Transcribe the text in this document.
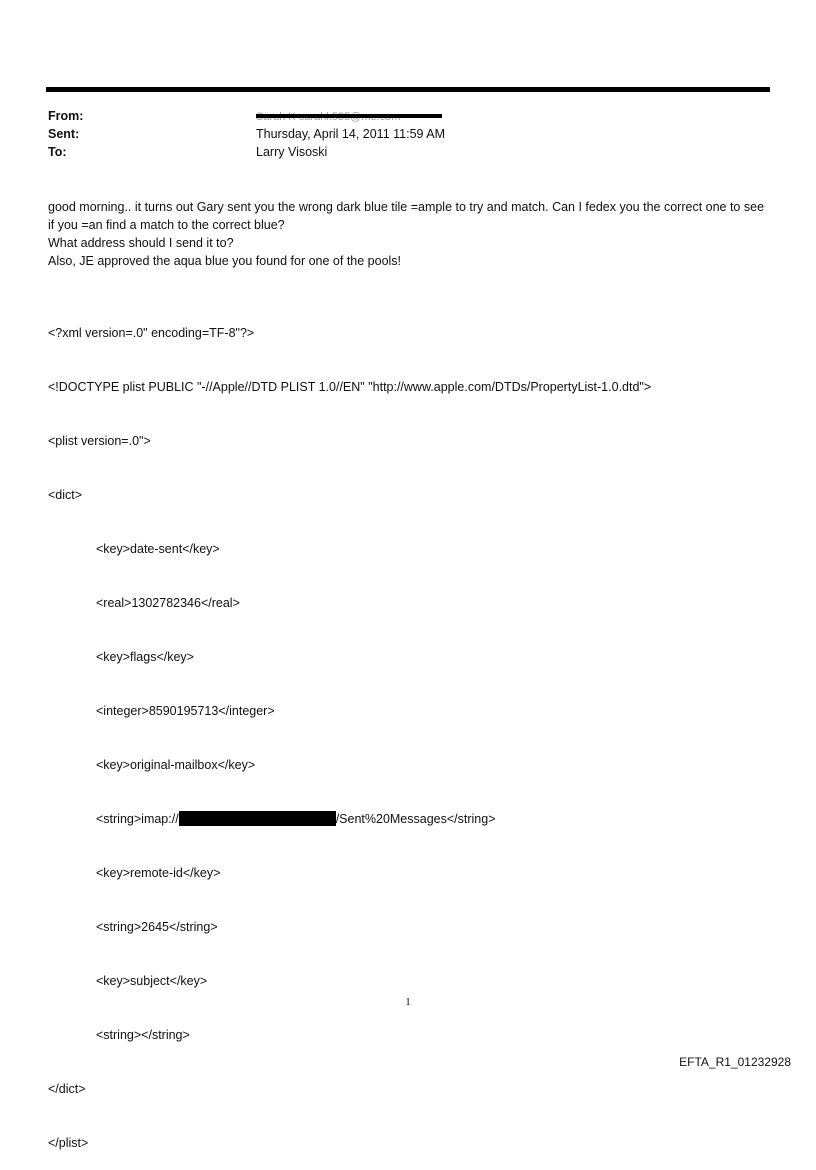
From:
Sent:	Thursday, April 14, 2011 11:59 AM
To:	Larry Visoski

good morning.. it turns out Gary sent you the wrong dark blue tile =ample to try and match. Can I fedex you the correct one to see if you =an find a match to the correct blue?

What address should I send it to?

Also, JE approved the aqua blue you found for one of the pools!

<?xml version=.0" encoding=TF-8"?>

<!DOCTYPE plist PUBLIC "-//Apple//DTD PLIST 1.0//EN" "http://www.apple.com/DTDs/PropertyList-1.0.dtd">

<plist version=.0">

<dict>

<key>date-sent</key>

<real>1302782346</real>

<key>flags</key>

<integer>8590195713</integer>

<key>original-mailbox</key>

<string>imap://	/Sent%20Messages</string>

<key>remote-id</key>

<string>2645</string>

<key>subject</key>

<string></string>

</dict>

</plist>

1
EFTA_R1_01232928
